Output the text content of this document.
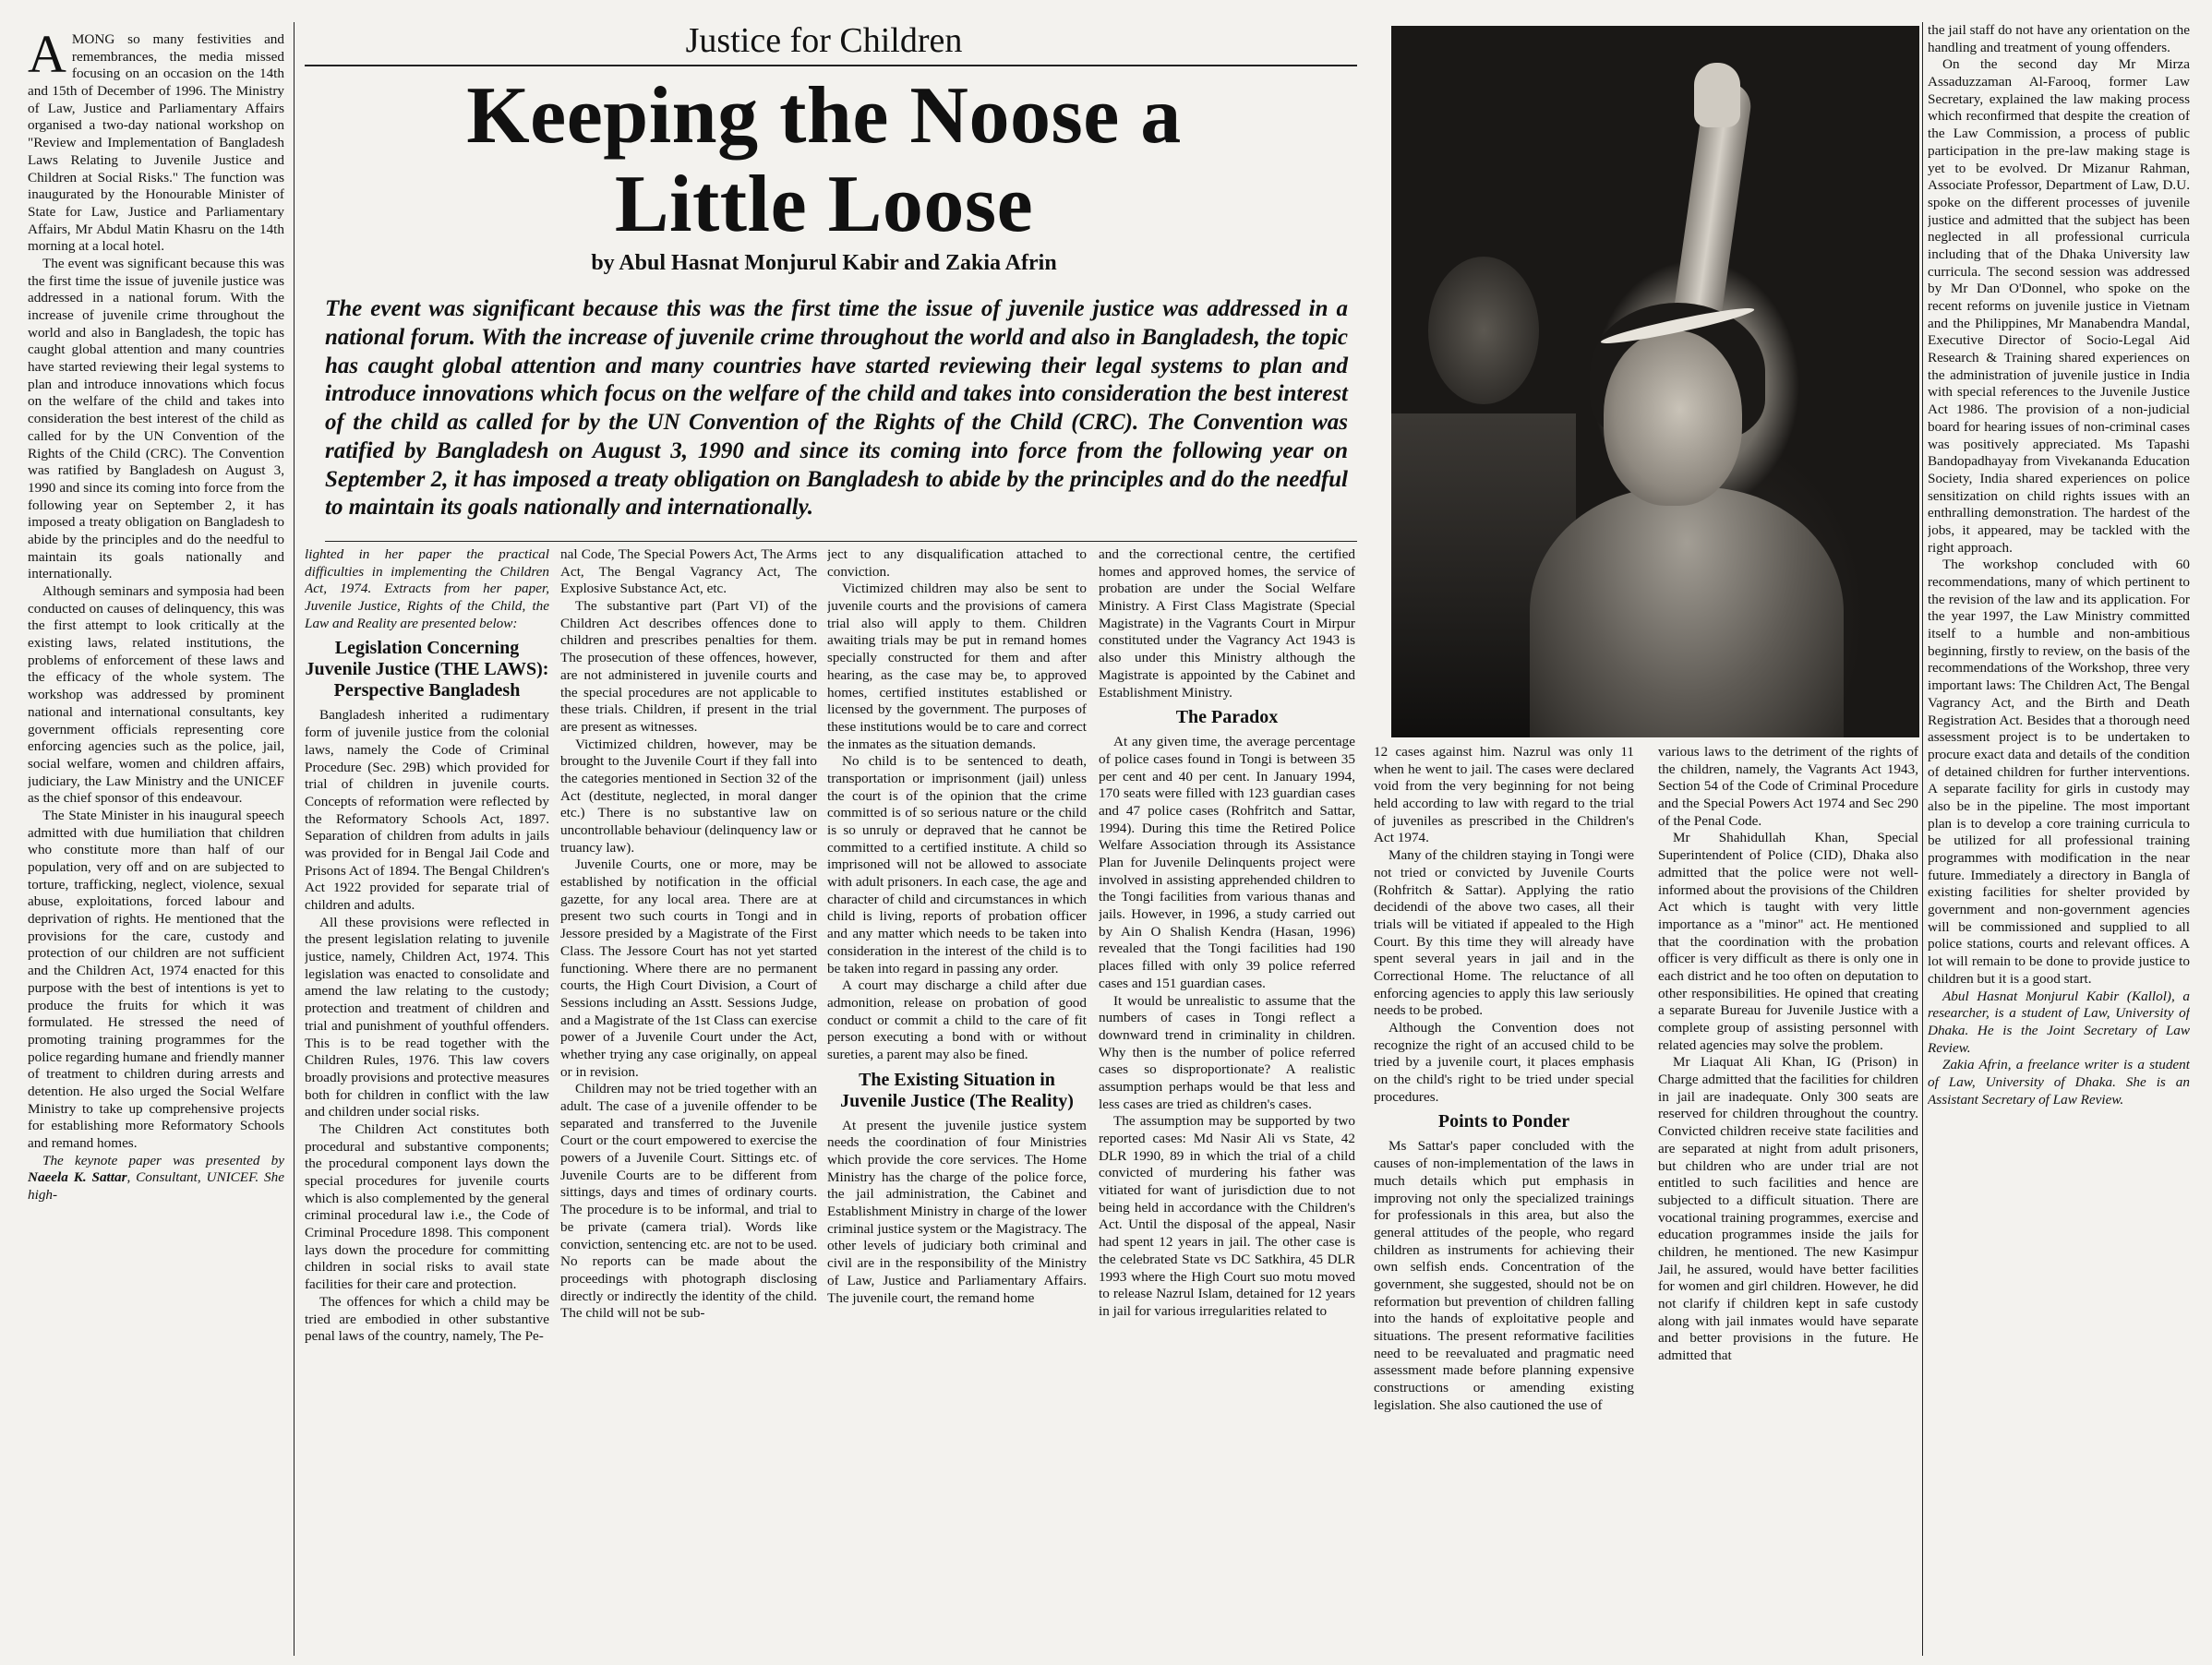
AMONG so many festivities and remembrances, the media missed focusing on an occasion on the 14th and 15th of December of 1996. The Ministry of Law, Justice and Parliamentary Affairs organised a two-day national workshop on "Review and Implementation of Bangladesh Laws Relating to Juvenile Justice and Children at Social Risks." The function was inaugurated by the Honourable Minister of State for Law, Justice and Parliamentary Affairs, Mr Abdul Matin Khasru on the 14th morning at a local hotel.

The event was significant because this was the first time the issue of juvenile justice was addressed in a national forum. With the increase of juvenile crime throughout the world and also in Bangladesh, the topic has caught global attention and many countries have started reviewing their legal systems to plan and introduce innovations which focus on the welfare of the child and takes into consideration the best interest of the child as called for by the UN Convention of the Rights of the Child (CRC). The Convention was ratified by Bangladesh on August 3, 1990 and since its coming into force from the following year on September 2, it has imposed a treaty obligation on Bangladesh to abide by the principles and do the needful to maintain its goals nationally and internationally.

Although seminars and symposia had been conducted on causes of delinquency, this was the first attempt to look critically at the existing laws, related institutions, the problems of enforcement of these laws and the efficacy of the whole system. The workshop was addressed by prominent national and international consultants, key government officials representing core enforcing agencies such as the police, jail, social welfare, women and children affairs, judiciary, the Law Ministry and the UNICEF as the chief sponsor of this endeavour.

The State Minister in his inaugural speech admitted with due humiliation that children who constitute more than half of our population, very off and on are subjected to torture, trafficking, neglect, violence, sexual abuse, exploitations, forced labour and deprivation of rights. He mentioned that the provisions for the care, custody and protection of our children are not sufficient and the Children Act, 1974 enacted for this purpose with the best of intentions is yet to produce the fruits for which it was formulated. He stressed the need of promoting training programmes for the police regarding humane and friendly manner of treatment to children during arrests and detention. He also urged the Social Welfare Ministry to take up comprehensive projects for establishing more Reformatory Schools and remand homes.

The keynote paper was presented by Naeela K. Sattar, Consultant, UNICEF. She high-

Justice for Children
Keeping the Noose a
Little Loose
by Abul Hasnat Monjurul Kabir and Zakia Afrin
The event was significant because this was the first time the issue of juvenile justice was addressed in a national forum. With the increase of juvenile crime throughout the world and also in Bangladesh, the topic has caught global attention and many countries have started reviewing their legal systems to plan and introduce innovations which focus on the welfare of the child and takes into consideration the best interest of the child as called for by the UN Convention of the Rights of the Child (CRC). The Convention was ratified by Bangladesh on August 3, 1990 and since its coming into force from the following year on September 2, it has imposed a treaty obligation on Bangladesh to abide by the principles and do the needful to maintain its goals nationally and internationally.

lighted in her paper the practical difficulties in implementing the Children Act, 1974. Extracts from her paper, Juvenile Justice, Rights of the Child, the Law and Reality are presented below:

Legislation Concerning Juvenile Justice (THE LAWS): Perspective Bangladesh

Bangladesh inherited a rudimentary form of juvenile justice from the colonial laws, namely the Code of Criminal Procedure (Sec. 29B) which provided for trial of children in juvenile courts. Concepts of reformation were reflected by the Reformatory Schools Act, 1897. Separation of children from adults in jails was provided for in Bengal Jail Code and Prisons Act of 1894. The Bengal Children's Act 1922 provided for separate trial of children and adults.

All these provisions were reflected in the present legislation relating to juvenile justice, namely, Children Act, 1974. This legislation was enacted to consolidate and amend the law relating to the custody; protection and treatment of children and trial and punishment of youthful offenders. This is to be read together with the Children Rules, 1976. This law covers broadly provisions and protective measures both for children in conflict with the law and children under social risks.

The Children Act constitutes both procedural and substantive components; the procedural component lays down the special procedures for juvenile courts which is also complemented by the general criminal procedural law i.e., the Code of Criminal Procedure 1898. This component lays down the procedure for committing children in social risks to avail state facilities for their care and protection.

The offences for which a child may be tried are embodied in other substantive penal laws of the country, namely, The Pe-

nal Code, The Special Powers Act, The Arms Act, The Bengal Vagrancy Act, The Explosive Substance Act, etc.

The substantive part (Part VI) of the Children Act describes offences done to children and prescribes penalties for them. The prosecution of these offences, however, are not administered in juvenile courts and the special procedures are not applicable to these trials. Children, if present in the trial are present as witnesses.

Victimized children, however, may be brought to the Juvenile Court if they fall into the categories mentioned in Section 32 of the Act (destitute, neglected, in moral danger etc.) There is no substantive law on uncontrollable behaviour (delinquency law or truancy law).

Juvenile Courts, one or more, may be established by notification in the official gazette, for any local area. There are at present two such courts in Tongi and in Jessore presided by a Magistrate of the First Class. The Jessore Court has not yet started functioning. Where there are no permanent courts, the High Court Division, a Court of Sessions including an Asstt. Sessions Judge, and a Magistrate of the 1st Class can exercise power of a Juvenile Court under the Act, whether trying any case originally, on appeal or in revision.

Children may not be tried together with an adult. The case of a juvenile offender to be separated and transferred to the Juvenile Court or the court empowered to exercise the powers of a Juvenile Court. Sittings etc. of Juvenile Courts are to be different from sittings, days and times of ordinary courts. The procedure is to be informal, and trial to be private (camera trial). Words like conviction, sentencing etc. are not to be used. No reports can be made about the proceedings with photograph disclosing directly or indirectly the identity of the child. The child will not be sub-

ject to any disqualification attached to conviction.

Victimized children may also be sent to juvenile courts and the provisions of camera trial also will apply to them. Children awaiting trials may be put in remand homes specially constructed for them and after hearing, as the case may be, to approved homes, certified institutes established or licensed by the government. The purposes of these institutions would be to care and correct the inmates as the situation demands.

No child is to be sentenced to death, transportation or imprisonment (jail) unless the court is of the opinion that the crime committed is of so serious nature or the child is so unruly or depraved that he cannot be committed to a certified institute. A child so imprisoned will not be allowed to associate with adult prisoners. In each case, the age and character of child and circumstances in which child is living, reports of probation officer and any matter which needs to be taken into consideration in the interest of the child is to be taken into regard in passing any order.

A court may discharge a child after due admonition, release on probation of good conduct or commit a child to the care of fit person executing a bond with or without sureties, a parent may also be fined.

The Existing Situation in Juvenile Justice (The Reality)

At present the juvenile justice system needs the coordination of four Ministries which provide the core services. The Home Ministry has the charge of the police force, the jail administration, the Cabinet and Establishment Ministry in charge of the lower criminal justice system or the Magistracy. The other levels of judiciary both criminal and civil are in the responsibility of the Ministry of Law, Justice and Parliamentary Affairs. The juvenile court, the remand home

and the correctional centre, the certified homes and approved homes, the service of probation are under the Social Welfare Ministry. A First Class Magistrate (Special Magistrate) in the Vagrants Court in Mirpur constituted under the Vagrancy Act 1943 is also under this Ministry although the Magistrate is appointed by the Cabinet and Establishment Ministry.

The Paradox

At any given time, the average percentage of police cases found in Tongi is between 35 per cent and 40 per cent. In January 1994, 170 seats were filled with 123 guardian cases and 47 police cases (Rohfritch and Sattar, 1994). During this time the Retired Police Welfare Association through its Assistance Plan for Juvenile Delinquents project were involved in assisting apprehended children to the Tongi facilities from various thanas and jails. However, in 1996, a study carried out by Ain O Shalish Kendra (Hasan, 1996) revealed that the Tongi facilities had 190 places filled with only 39 police referred cases and 151 guardian cases.

It would be unrealistic to assume that the numbers of cases in Tongi reflect a downward trend in criminality in children. Why then is the number of police referred cases so disproportionate? A realistic assumption perhaps would be that less and less cases are tried as children's cases.

The assumption may be supported by two reported cases: Md Nasir Ali vs State, 42 DLR 1990, 89 in which the trial of a child convicted of murdering his father was vitiated for want of jurisdiction due to not being held in accordance with the Children's Act. Until the disposal of the appeal, Nasir had spent 12 years in jail. The other case is the celebrated State vs DC Satkhira, 45 DLR 1993 where the High Court suo motu moved to release Nazrul Islam, detained for 12 years in jail for various irregularities related to

12 cases against him. Nazrul was only 11 when he went to jail. The cases were declared void from the very beginning for not being held according to law with regard to the trial of juveniles as prescribed in the Children's Act 1974.

Many of the children staying in Tongi were not tried or convicted by Juvenile Courts (Rohfritch & Sattar). Applying the ratio decidendi of the above two cases, all their trials will be vitiated if appealed to the High Court. By this time they will already have spent several years in jail and in the Correctional Home. The reluctance of all enforcing agencies to apply this law seriously needs to be probed.

Although the Convention does not recognize the right of an accused child to be tried by a juvenile court, it places emphasis on the child's right to be tried under special procedures.

Points to Ponder

Ms Sattar's paper concluded with the causes of non-implementation of the laws in much details which put emphasis in improving not only the specialized trainings for professionals in this area, but also the general attitudes of the people, who regard children as instruments for achieving their own selfish ends. Concentration of the government, she suggested, should not be on reformation but prevention of children falling into the hands of exploitative people and situations. The present reformative facilities need to be reevaluated and pragmatic need assessment made before planning expensive constructions or amending existing legislation. She also cautioned the use of

various laws to the detriment of the rights of the children, namely, the Vagrants Act 1943, Section 54 of the Code of Criminal Procedure and the Special Powers Act 1974 and Sec 290 of the Penal Code.

Mr Shahidullah Khan, Special Superintendent of Police (CID), Dhaka also admitted that the police were not well-informed about the provisions of the Children Act which is taught with very little importance as a "minor" act. He mentioned that the coordination with the probation officer is very difficult as there is only one in each district and he too often on deputation to other responsibilities. He opined that creating a separate Bureau for Juvenile Justice with a complete group of assisting personnel with related agencies may solve the problem.

Mr Liaquat Ali Khan, IG (Prison) in Charge admitted that the facilities for children in jail are inadequate. Only 300 seats are reserved for children throughout the country. Convicted children receive state facilities and are separated at night from adult prisoners, but children who are under trial are not entitled to such facilities and hence are subjected to a difficult situation. There are vocational training programmes, exercise and education programmes inside the jails for children, he mentioned. The new Kasimpur Jail, he assured, would have better facilities for women and girl children. However, he did not clarify if children kept in safe custody along with jail inmates would have separate and better provisions in the future. He admitted that

the jail staff do not have any orientation on the handling and treatment of young offenders.

On the second day Mr Mirza Assaduzzaman Al-Farooq, former Law Secretary, explained the law making process which reconfirmed that despite the creation of the Law Commission, a process of public participation in the pre-law making stage is yet to be evolved. Dr Mizanur Rahman, Associate Professor, Department of Law, D.U. spoke on the different processes of juvenile justice and admitted that the subject has been neglected in all professional curricula including that of the Dhaka University law curricula. The second session was addressed by Mr Dan O'Donnel, who spoke on the recent reforms on juvenile justice in Vietnam and the Philippines, Mr Manabendra Mandal, Executive Director of Socio-Legal Aid Research & Training shared experiences on the administration of juvenile justice in India with special references to the Juvenile Justice Act 1986. The provision of a non-judicial board for hearing issues of non-criminal cases was positively appreciated. Ms Tapashi Bandopadhayay from Vivekananda Education Society, India shared experiences on police sensitization on child rights issues with an enthralling demonstration. The hardest of the jobs, it appeared, may be tackled with the right approach.

The workshop concluded with 60 recommendations, many of which pertinent to the revision of the law and its application. For the year 1997, the Law Ministry committed itself to a humble and non-ambitious beginning, firstly to review, on the basis of the recommendations of the Workshop, three very important laws: The Children Act, The Bengal Vagrancy Act, and the Birth and Death Registration Act. Besides that a thorough need assessment project is to be undertaken to procure exact data and details of the condition of detained children for further interventions. A separate facility for girls in custody may also be in the pipeline. The most important plan is to develop a core training curricula to be utilized for all professional training programmes with modification in the near future. Immediately a directory in Bangla of existing facilities for shelter provided by government and non-government agencies will be commissioned and supplied to all police stations, courts and relevant offices. A lot will remain to be done to provide justice to children but it is a good start.

Abul Hasnat Monjurul Kabir (Kallol), a researcher, is a student of Law, University of Dhaka. He is the Joint Secretary of Law Review.

Zakia Afrin, a freelance writer is a student of Law, University of Dhaka. She is an Assistant Secretary of Law Review.
